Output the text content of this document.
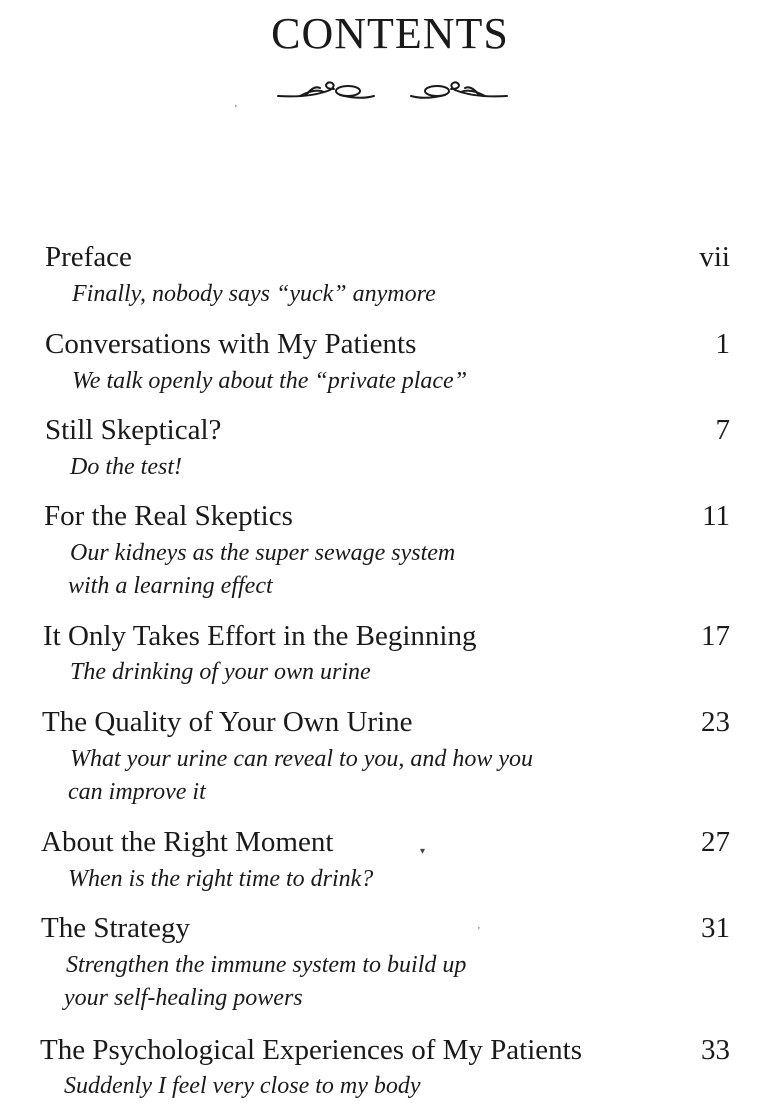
CONTENTS
'
Preface	vii
Finally, nobody says “yuck” anymore
Conversations with My Patients	1
We talk openly about the “private place”
Still Skeptical?	7
Do the test!
For the Real Skeptics	11
Our kidneys as the super sewage system
with a learning effect
It Only Takes Effort in the Beginning	17
The drinking of your own urine
The Quality of Your Own Urine	23
What your urine can reveal to you, and how you
can improve it
About the Right Moment	27
When is the right time to drink?
▾
The Strategy	31
Strengthen the immune system to build up
your self-healing powers
'
The Psychological Experiences of My Patients	33
Suddenly I feel very close to my body
